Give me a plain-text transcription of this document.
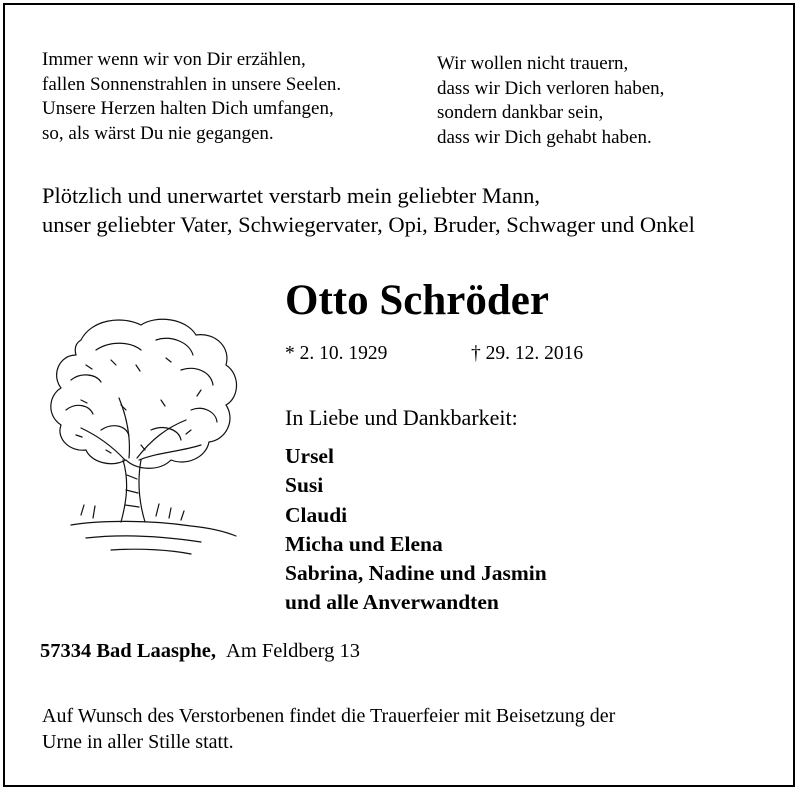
Immer wenn wir von Dir erzählen,
fallen Sonnenstrahlen in unsere Seelen.
Unsere Herzen halten Dich umfangen,
so, als wärst Du nie gegangen.
Wir wollen nicht trauern,
dass wir Dich verloren haben,
sondern dankbar sein,
dass wir Dich gehabt haben.
Plötzlich und unerwartet verstarb mein geliebter Mann,
unser geliebter Vater, Schwiegervater, Opi, Bruder, Schwager und Onkel
Otto Schröder
* 2. 10. 1929	† 29. 12. 2016
In Liebe und Dankbarkeit:
Ursel
Susi
Claudi
Micha und Elena
Sabrina, Nadine und Jasmin
und alle Anverwandten
57334 Bad Laasphe, Am Feldberg 13
Auf Wunsch des Verstorbenen findet die Trauerfeier mit Beisetzung der
Urne in aller Stille statt.
